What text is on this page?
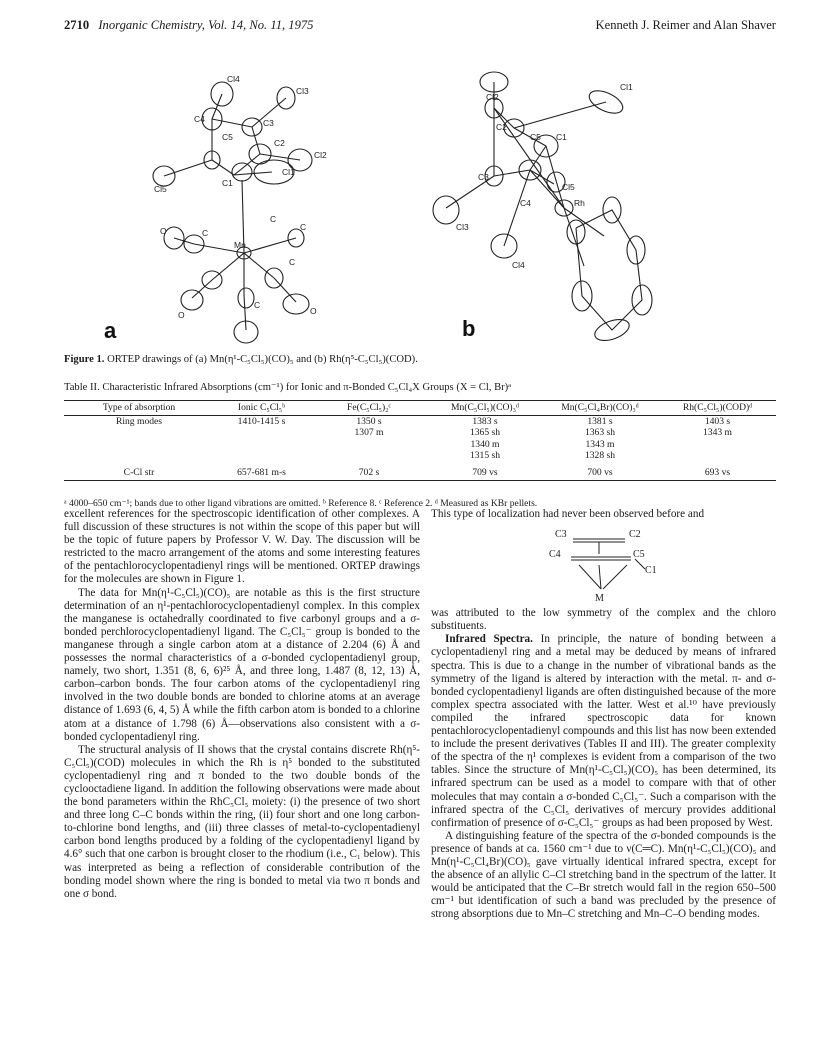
2710 Inorganic Chemistry, Vol. 14, No. 11, 1975	Kenneth J. Reimer and Alan Shaver
Cl4
Cl3
C4	C3
C5
C2
Cl2
Cl5
C1
Cl1
C
O	C
Mn
C
C
O
C
O
a
Cl1
Cl2
C2
C5 C1
C3
Cl5
Rh
Cl3
C4
Cl4
b
Figure 1. ORTEP drawings of (a) Mn(η¹-C₅Cl₅)(CO)₅ and (b) Rh(η⁵-C₅Cl₅)(COD).
Table II. Characteristic Infrared Absorptions (cm⁻¹) for Ionic and π-Bonded C₅Cl₄X Groups (X = Cl, Br)ᵃ
Type of absorption	Ionic C₅Cl₅ᵇ	Fe(C₅Cl₅)₂ᶜ	Mn(C₅Cl₅)(CO)₃ᵈ	Mn(C₅Cl₄Br)(CO)₃ᵈ	Rh(C₅Cl₅)(COD)ᵈ
Ring modes	1410-1415 s	1350 s	1383 s	1381 s	1403 s
		1307 m	1365 sh	1363 sh	1343 m
			1340 m	1343 m	
			1315 sh	1328 sh	
C-Cl str	657-681 m-s	702 s	709 vs	700 vs	693 vs
ᵃ 4000–650 cm⁻¹; bands due to other ligand vibrations are omitted. ᵇ Reference 8. ᶜ Reference 2. ᵈ Measured as KBr pellets.

excellent references for the spectroscopic identification of other complexes. A full discussion of these structures is not within the scope of this paper but will be the topic of future papers by Professor V. W. Day. The discussion will be restricted to the macro arrangement of the atoms and some interesting features of the pentachlorocyclopentadienyl rings will be mentioned. ORTEP drawings for the molecules are shown in Figure 1.

The data for Mn(η¹-C₅Cl₅)(CO)₅ are notable as this is the first structure determination of an η¹-pentachlorocyclopentadienyl complex. In this complex the manganese is octahedrally coordinated to five carbonyl groups and a σ-bonded perchlorocyclopentadienyl ligand. The C₅Cl₅⁻ group is bonded to the manganese through a single carbon atom at a distance of 2.204 (6) Å and possesses the normal characteristics of a σ-bonded cyclopentadienyl group, namely, two short, 1.351 (8, 6, 6)²⁵ Å, and three long, 1.487 (8, 12, 13) Å, carbon–carbon bonds. The four carbon atoms of the cyclopentadienyl ring involved in the two double bonds are bonded to chlorine atoms at an average distance of 1.693 (6, 4, 5) Å while the fifth carbon atom is bonded to a chlorine atom at a distance of 1.798 (6) Å—observations also consistent with a σ-bonded cyclopentadienyl ring.

The structural analysis of II shows that the crystal contains discrete Rh(η⁵-C₅Cl₅)(COD) molecules in which the Rh is η⁵ bonded to the substituted cyclopentadienyl ring and π bonded to the two double bonds of the cyclooctadiene ligand. In addition the following observations were made about the bond parameters within the RhC₅Cl₅ moiety: (i) the presence of two short and three long C–C bonds within the ring, (ii) four short and one long carbon-to-chlorine bond lengths, and (iii) three classes of metal-to-cyclopentadienyl carbon bond lengths produced by a folding of the cyclopentadienyl ligand by 4.6° such that one carbon is brought closer to the rhodium (i.e., C₁ below). This was interpreted as being a reflection of considerable contribution of the bonding model shown where the ring is bonded to metal via two π bonds and one σ bond.

This type of localization had never been observed before and

C3	C2
C4	C5
C1
M

was attributed to the low symmetry of the complex and the chloro substituents.

Infrared Spectra. In principle, the nature of bonding between a cyclopentadienyl ring and a metal may be deduced by means of infrared spectra. This is due to a change in the number of vibrational bands as the symmetry of the ligand is altered by interaction with the metal. π- and σ-bonded cyclopentadienyl ligands are often distinguished because of the more complex spectra associated with the latter. West et al.¹⁰ have previously compiled the infrared spectroscopic data for known pentachlorocyclopentadienyl compounds and this list has now been extended to include the present derivatives (Tables II and III). The greater complexity of the spectra of the η¹ complexes is evident from a comparison of the two tables. Since the structure of Mn(η¹-C₅Cl₅)(CO)₅ has been determined, its infrared spectrum can be used as a model to compare with that of other molecules that may contain a σ-bonded C₅Cl₅⁻. Such a comparison with the infrared spectra of the C₅Cl₅ derivatives of mercury provides additional confirmation of presence of σ-C₅Cl₅⁻ groups as had been proposed by West.

A distinguishing feature of the spectra of the σ-bonded compounds is the presence of bands at ca. 1560 cm⁻¹ due to ν(C═C). Mn(η¹-C₅Cl₅)(CO)₅ and Mn(η¹-C₅Cl₄Br)(CO)₅ gave virtually identical infrared spectra, except for the absence of an allylic C–Cl stretching band in the spectrum of the latter. It would be anticipated that the C–Br stretch would fall in the region 650–500 cm⁻¹ but identification of such a band was precluded by the presence of strong absorptions due to Mn–C stretching and Mn–C–O bending modes.
